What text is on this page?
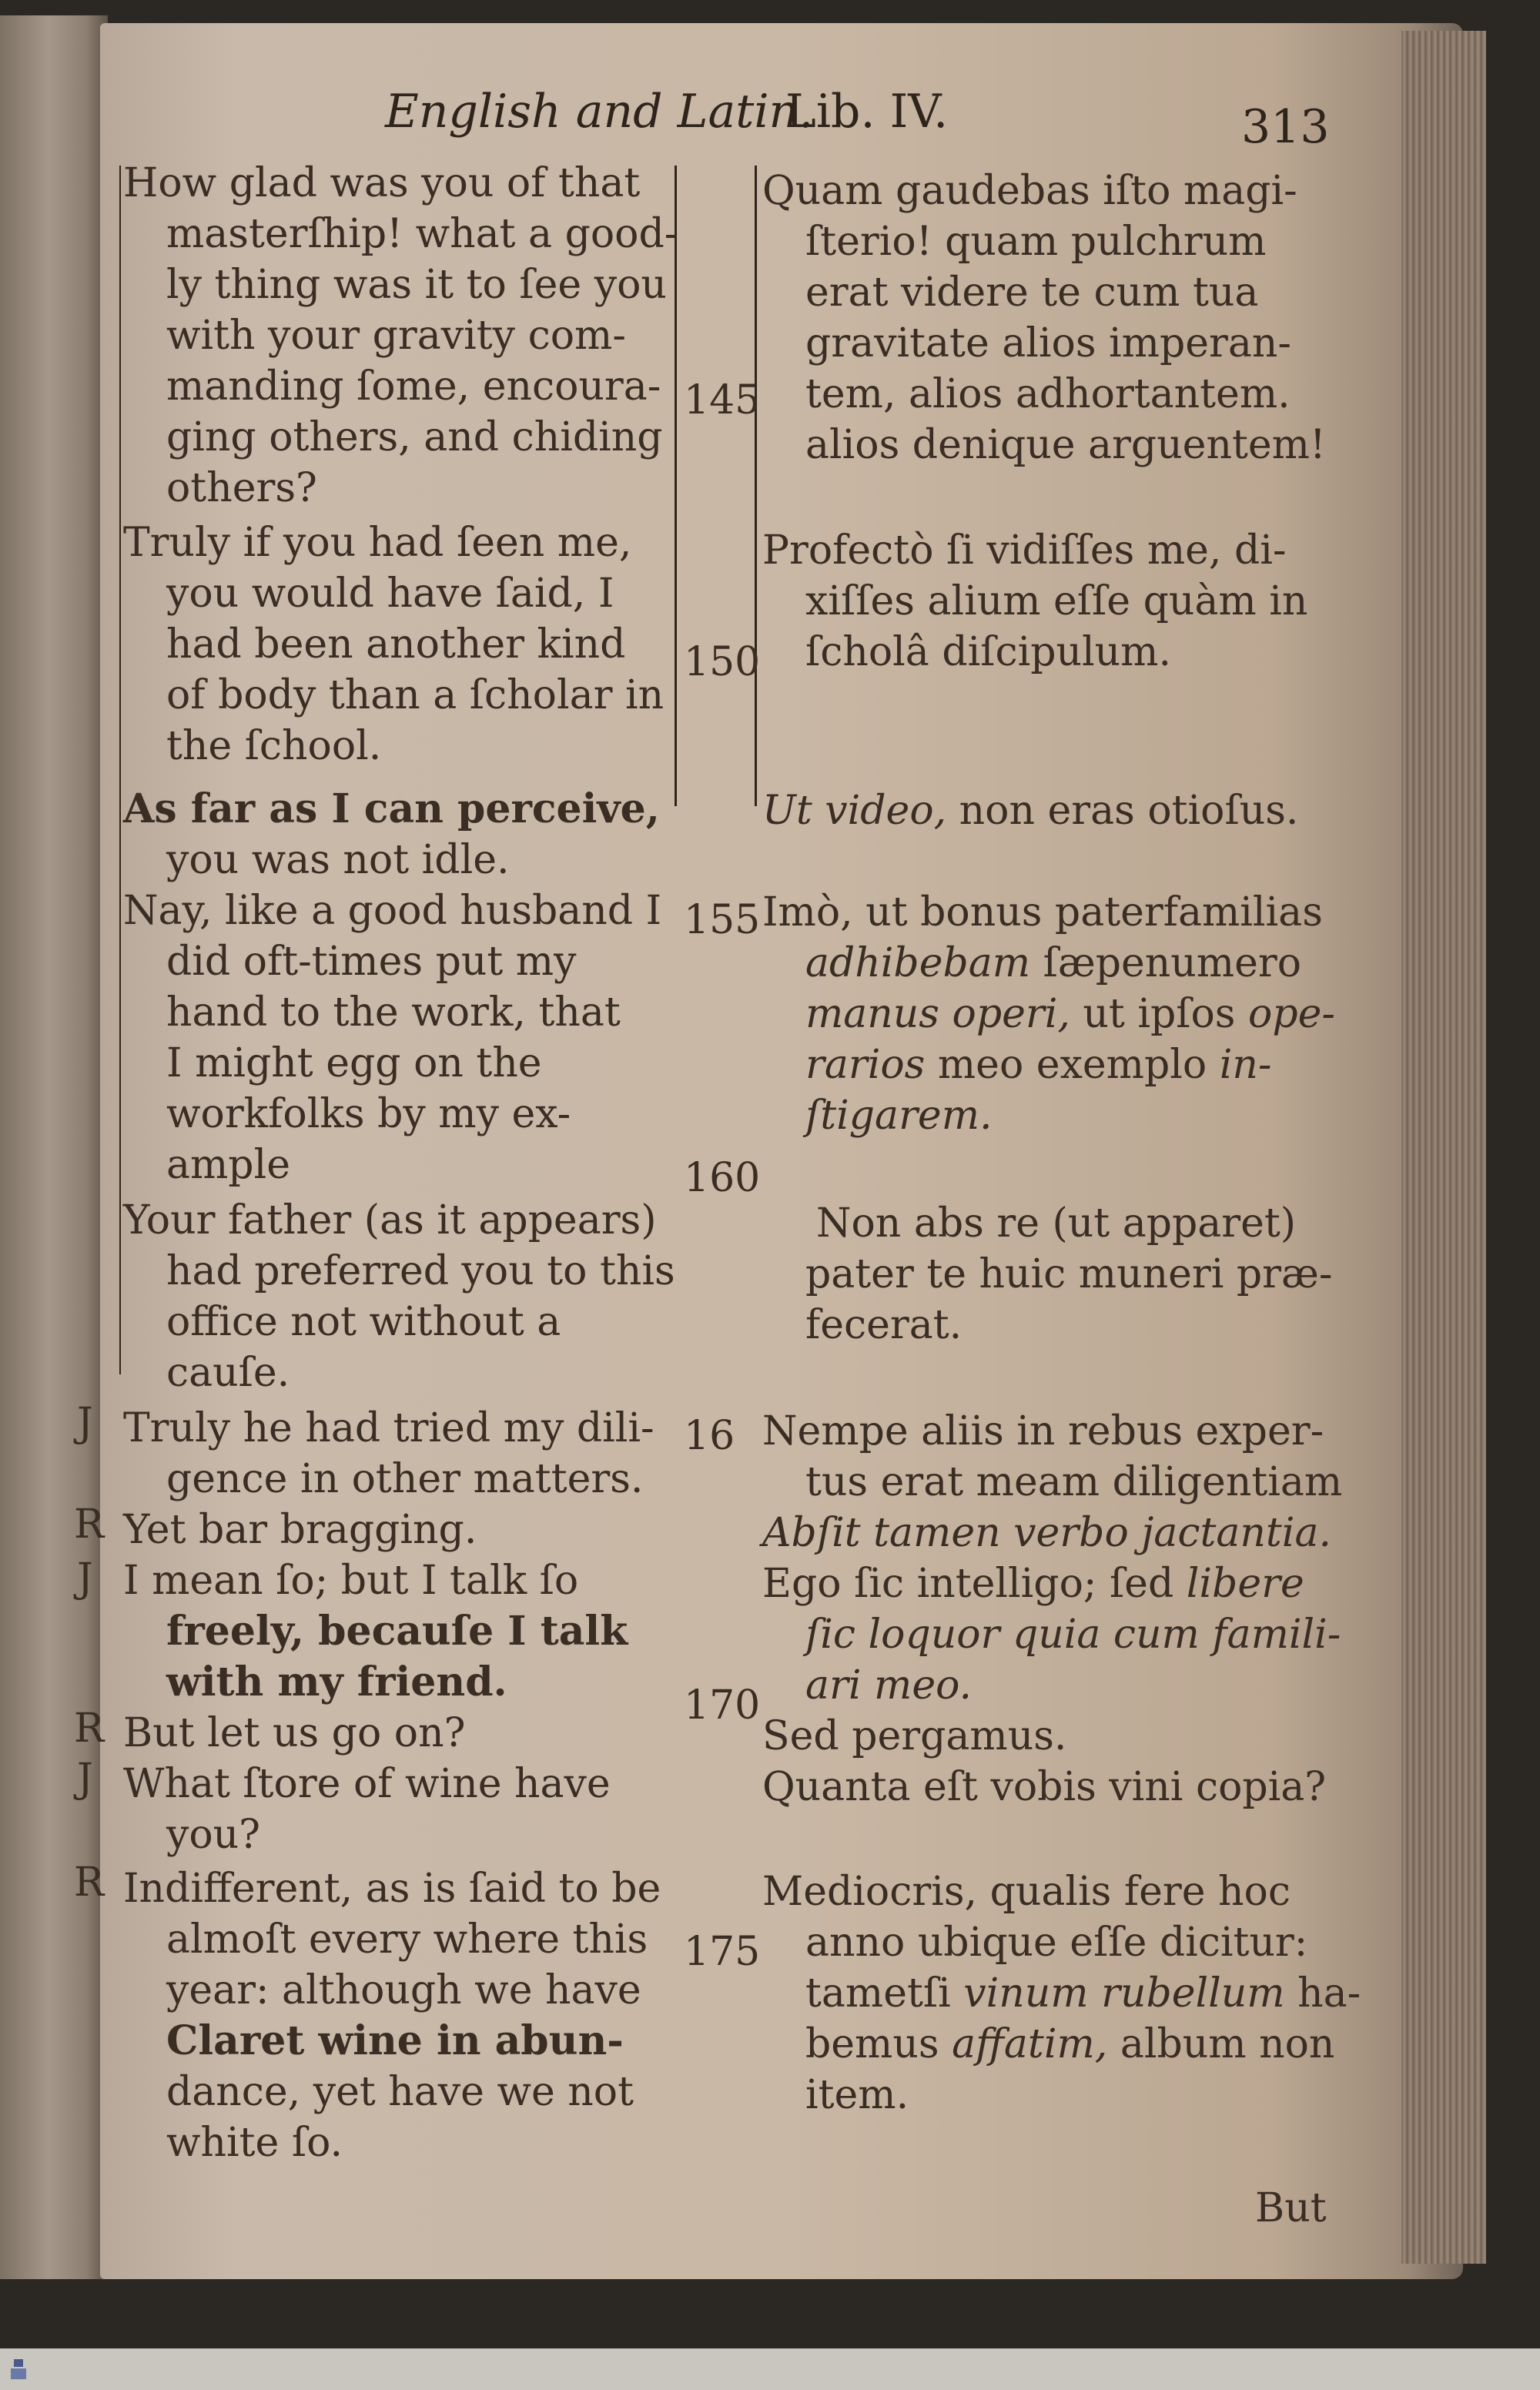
English and Latin.
Lib. IV.	313
145
150
155
160
16
170
175
J
R
J
R
J
R
How glad was you of that
masterſhip! what a good-
ly thing was it to ſee you
with your gravity com-
manding ſome, encoura-
ging others, and chiding
others?
Truly if you had ſeen me,
you would have ſaid, I
had been another kind
of body than a ſcholar in
the ſchool.
As far as I can perceive,
you was not idle.
Nay, like a good husband I
did oft-times put my
hand to the work, that
I might egg on the
workfolks by my ex-
ample
Your father (as it appears)
had preferred you to this
office not without a
cauſe.
Truly he had tried my dili-
gence in other matters.
Yet bar bragging.
I mean ſo; but I talk ſo
freely, becauſe I talk
with my friend.
But let us go on?
What ſtore of wine have
you?
Indifferent, as is ſaid to be
almoſt every where this
year: although we have
Claret wine in abun-
dance, yet have we not
white ſo.
Quam gaudebas iſto magi-
ſterio! quam pulchrum
erat videre te cum tua
gravitate alios imperan-
tem, alios adhortantem.
alios denique arguentem!
Profectò ſi vidiſſes me, di-
xiſſes alium eſſe quàm in
ſcholâ diſcipulum.
Ut video, non eras otioſus.
Imò, ut bonus paterfamilias
adhibebam ſæpenumero
manus operi, ut ipſos ope-
rarios meo exemplo in-
ſtigarem.
Non abs re (ut apparet)
pater te huic muneri præ-
fecerat.
Nempe aliis in rebus exper-
tus erat meam diligentiam
Abſit tamen verbo jactantia.
Ego ſic intelligo; ſed libere
ſic loquor quia cum famili-
ari meo.
Sed pergamus.
Quanta eſt vobis vini copia?
Mediocris, qualis fere hoc
anno ubique eſſe dicitur:
tametſi vinum rubellum ha-
bemus affatim, album non
item.
But
